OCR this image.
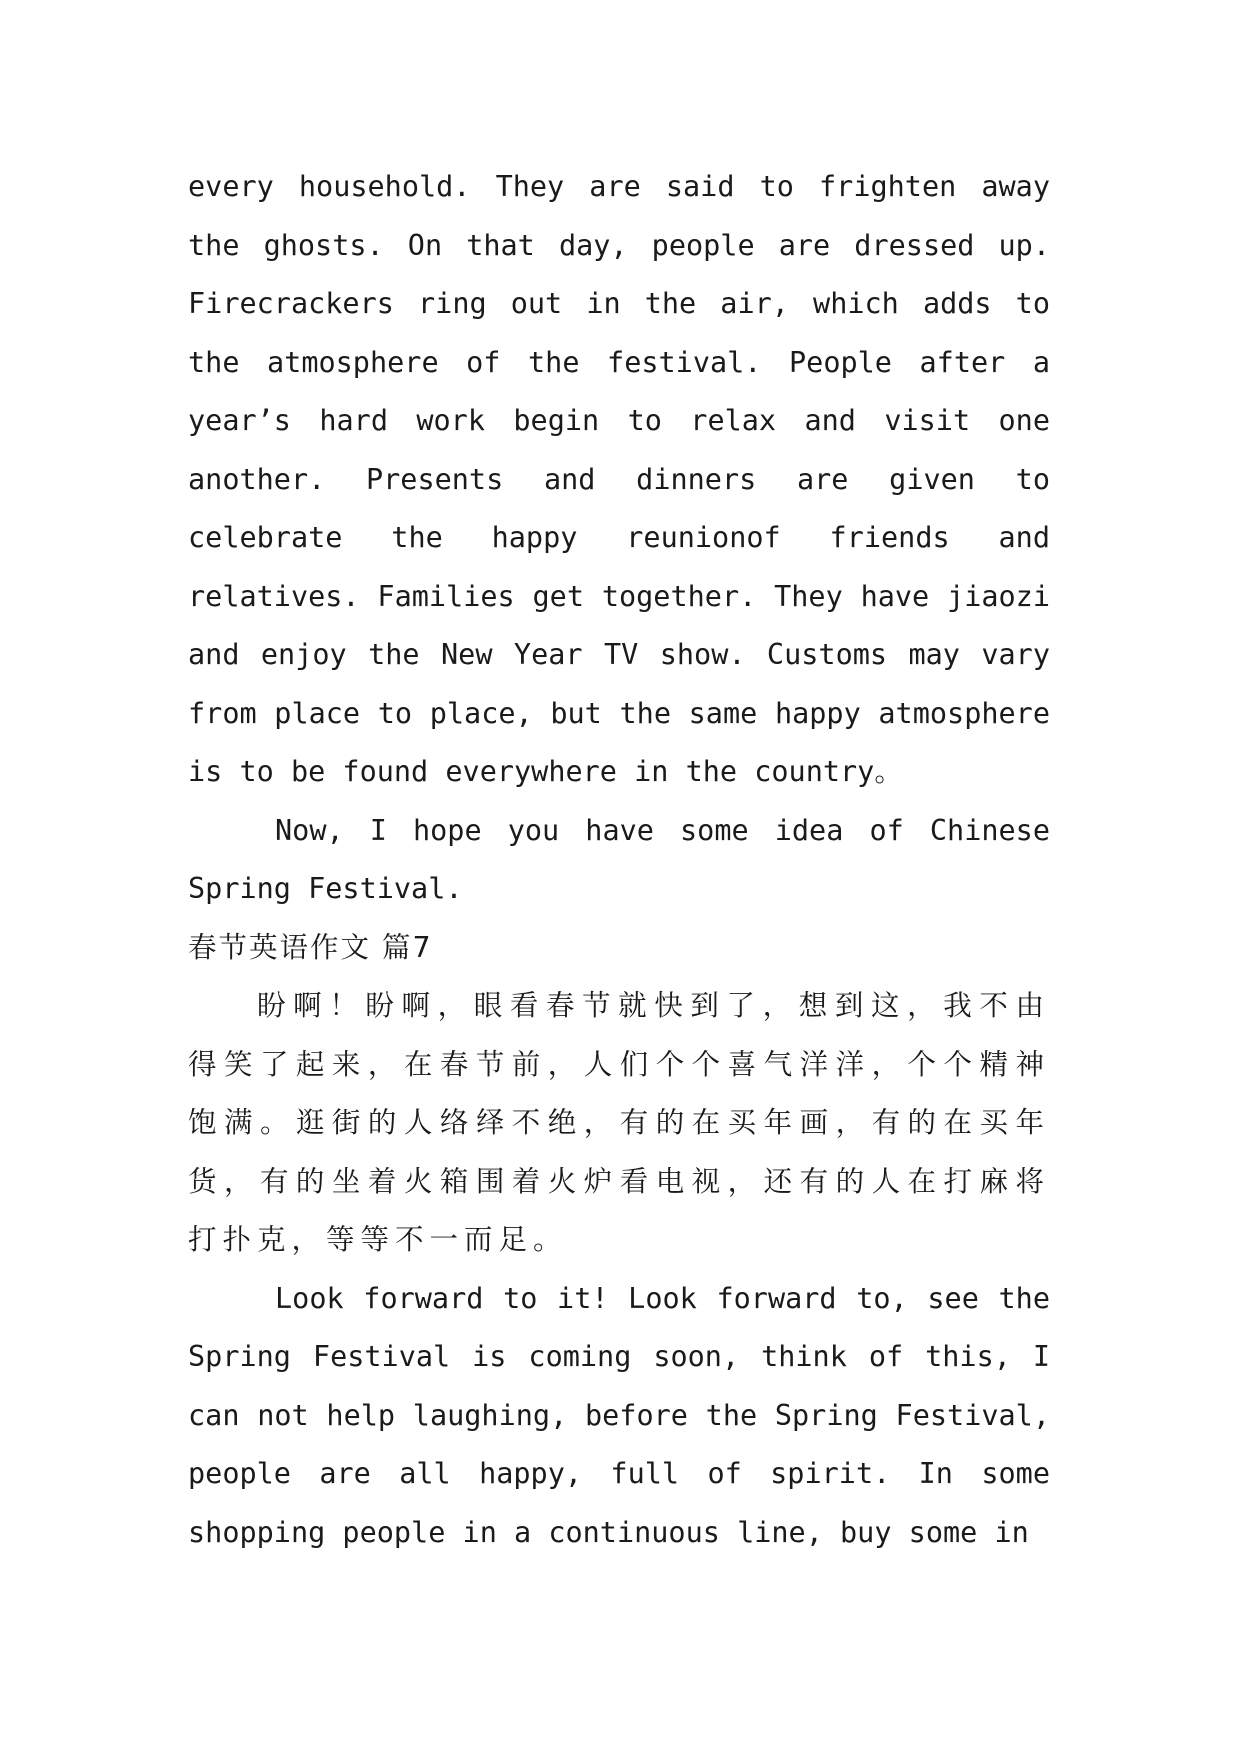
every household. They are said to frighten away the ghosts. On that day, people are dressed up. Firecrackers ring out in the air, which adds to the atmosphere of the festival. People after a year’s hard work begin to relax and visit one another. Presents and dinners are given to celebrate the happy reunionof friends and relatives. Families get together. They have jiaozi and enjoy the New Year TV show. Customs may vary from place to place, but the same happy atmosphere is to be found everywhere in the country。

Now, I hope you have some idea of Chinese Spring Festival.

春节英语作文 篇7

盼啊！盼啊，眼看春节就快到了，想到这，我不由得笑了起来，在春节前，人们个个喜气洋洋，个个精神饱满。逛街的人络绎不绝，有的在买年画，有的在买年货，有的坐着火箱围着火炉看电视，还有的人在打麻将打扑克，等等不一而足。

Look forward to it! Look forward to, see the Spring Festival is coming soon, think of this, I can not help laughing, before the Spring Festival, people are all happy, full of spirit. In some shopping people in a continuous line, buy some in
